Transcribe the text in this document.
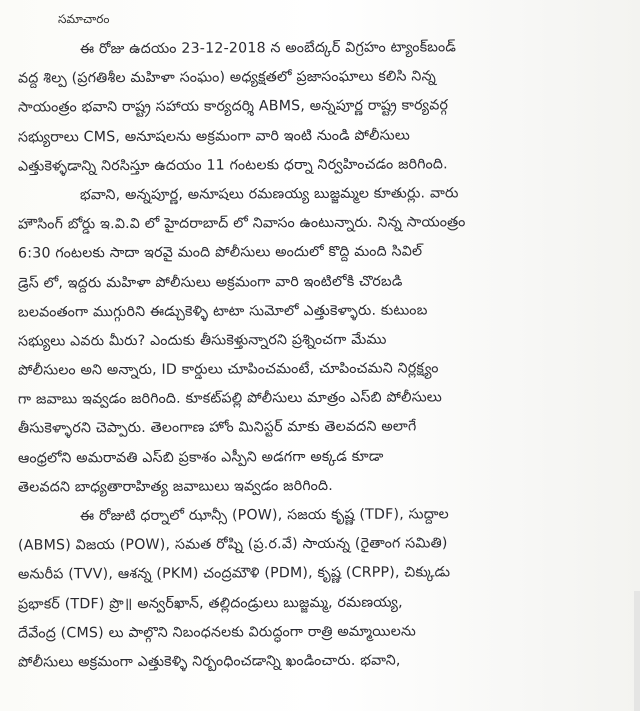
సమాచారం
ఈ రోజు ఉదయం 23-12-2018 న అంబేద్కర్ విగ్రహం ట్యాంక్‌బండ్
వద్ద శిల్ప (ప్రగతిశీల మహిళా సంఘం) అధ్యక్షతలో ప్రజాసంఘాలు కలిసి నిన్న
సాయంత్రం భవాని రాష్ట్ర సహాయ కార్యదర్శి ABMS, అన్నపూర్ణ రాష్ట్ర కార్యవర్గ
సభ్యురాలు CMS, అనూషలను అక్రమంగా వారి ఇంటి నుండి పోలీసులు
ఎత్తుకెళ్ళడాన్ని నిరసిస్తూ ఉదయం 11 గంటలకు ధర్నా నిర్వహించడం జరిగింది.
భవాని, అన్నపూర్ణ, అనూషలు రమణయ్య బుజ్జమ్మల కూతుర్లు. వారు
హౌసింగ్ బోర్డు ఇ.వి.వి లో హైదరాబాద్ లో నివాసం ఉంటున్నారు. నిన్న సాయంత్రం
6:30 గంటలకు సాదా ఇరవై మంది పోలీసులు అందులో కొద్ది మంది సివిల్
డ్రెస్ లో, ఇద్దరు మహిళా పోలీసులు అక్రమంగా వారి ఇంటిలోకి చొరబడి
బలవంతంగా ముగ్గురిని ఈడ్చుకెళ్ళి టాటా సుమోలో ఎత్తుకెళ్ళారు. కుటుంబ
సభ్యులు ఎవరు మీరు? ఎందుకు తీసుకెళ్తున్నారని ప్రశ్నించగా మేము
పోలీసులం అని అన్నారు, ID కార్డులు చూపించమంటే, చూపించమని నిర్లక్ష్యం
గా జవాబు ఇవ్వడం జరిగింది. కూకట్‌పల్లి పోలీసులు మాత్రం ఎస్‌బి పోలీసులు
తీసుకెళ్ళారని చెప్పారు. తెలంగాణ హోం మినిస్టర్ మాకు తెలవదని అలాగే
ఆంధ్రలోని అమరావతి ఎస్‌బి ప్రకాశం ఎస్పీని అడగగా అక్కడ కూడా
తెలవదని బాధ్యతారాహిత్య జవాబులు ఇవ్వడం జరిగింది.
ఈ రోజుటి ధర్నాలో ఝాన్సీ (POW), సజయ కృష్ణ (TDF), సుద్దాల
(ABMS) విజయ (POW), సమత రోష్ని (ప్ర.ర.వే) సాయన్న (రైతాంగ సమితి)
అనురీప (TVV), ఆశన్న (PKM) చంద్రమౌళి (PDM), కృష్ణ (CRPP), చిక్కుడు
ప్రభాకర్ (TDF) ప్రొ॥ అన్వర్‌ఖాన్, తల్లిదండ్రులు బుజ్జమ్మ, రమణయ్య,
దేవేంద్ర (CMS) లు పాల్గొని నిబంధనలకు విరుద్ధంగా రాత్రి అమ్మాయిలను
పోలీసులు అక్రమంగా ఎత్తుకెళ్ళి నిర్బంధించడాన్ని ఖండించారు. భవాని,
